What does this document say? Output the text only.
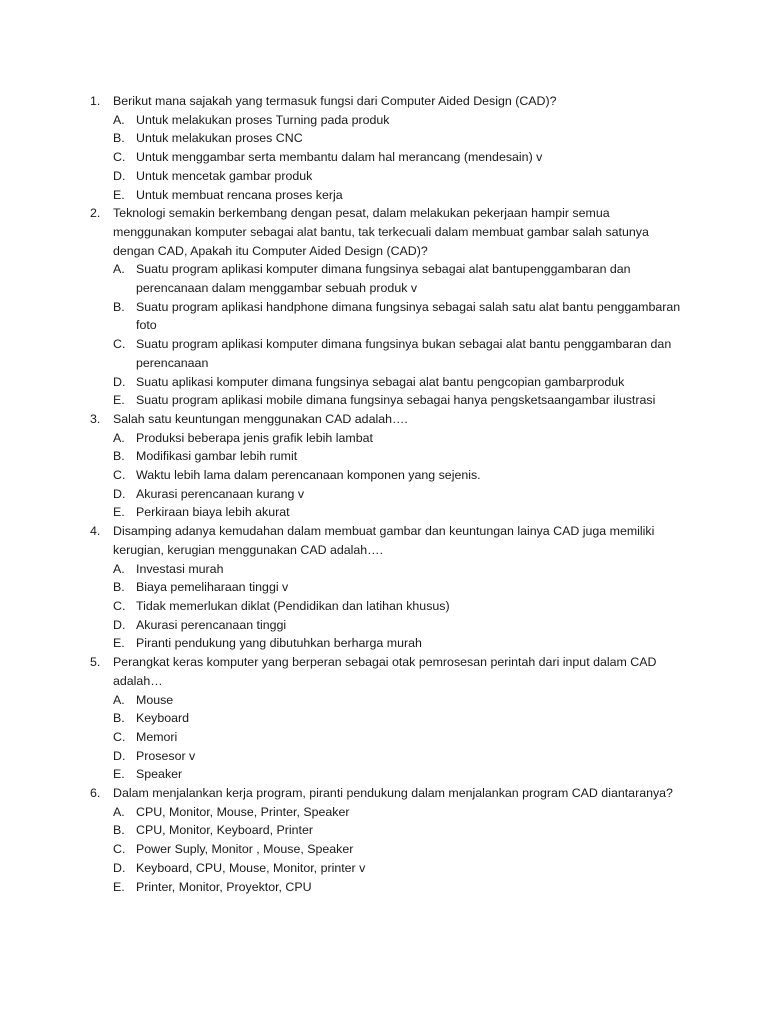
1. Berikut mana sajakah yang termasuk fungsi dari Computer Aided Design (CAD)?
A. Untuk melakukan proses Turning pada produk
B. Untuk melakukan proses CNC
C. Untuk menggambar serta membantu dalam hal merancang (mendesain) v
D. Untuk mencetak gambar produk
E. Untuk membuat rencana proses kerja
2. Teknologi semakin berkembang dengan pesat, dalam melakukan pekerjaan hampir semua menggunakan komputer sebagai alat bantu, tak terkecuali dalam membuat gambar salah satunya dengan CAD, Apakah itu Computer Aided Design (CAD)?
A. Suatu program aplikasi komputer dimana fungsinya sebagai alat bantupenggambaran dan perencanaan dalam menggambar sebuah produk v
B. Suatu program aplikasi handphone dimana fungsinya sebagai salah satu alat bantu penggambaran foto
C. Suatu program aplikasi komputer dimana fungsinya bukan sebagai alat bantu penggambaran dan perencanaan
D. Suatu aplikasi komputer dimana fungsinya sebagai alat bantu pengcopian gambarproduk
E. Suatu program aplikasi mobile dimana fungsinya sebagai hanya pengsketsaangambar ilustrasi
3. Salah satu keuntungan menggunakan CAD adalah….
A. Produksi beberapa jenis grafik lebih lambat
B. Modifikasi gambar lebih rumit
C. Waktu lebih lama dalam perencanaan komponen yang sejenis.
D. Akurasi perencanaan kurang v
E. Perkiraan biaya lebih akurat
4. Disamping adanya kemudahan dalam membuat gambar dan keuntungan lainya CAD juga memiliki kerugian, kerugian menggunakan CAD adalah….
A. Investasi murah
B. Biaya pemeliharaan tinggi v
C. Tidak memerlukan diklat (Pendidikan dan latihan khusus)
D. Akurasi perencanaan tinggi
E. Piranti pendukung yang dibutuhkan berharga murah
5. Perangkat keras komputer yang berperan sebagai otak pemrosesan perintah dari input dalam CAD adalah…
A. Mouse
B. Keyboard
C. Memori
D. Prosesor v
E. Speaker
6. Dalam menjalankan kerja program, piranti pendukung dalam menjalankan program CAD diantaranya?
A. CPU, Monitor, Mouse, Printer, Speaker
B. CPU, Monitor, Keyboard, Printer
C. Power Suply, Monitor , Mouse, Speaker
D. Keyboard, CPU, Mouse, Monitor, printer v
E. Printer, Monitor, Proyektor, CPU
